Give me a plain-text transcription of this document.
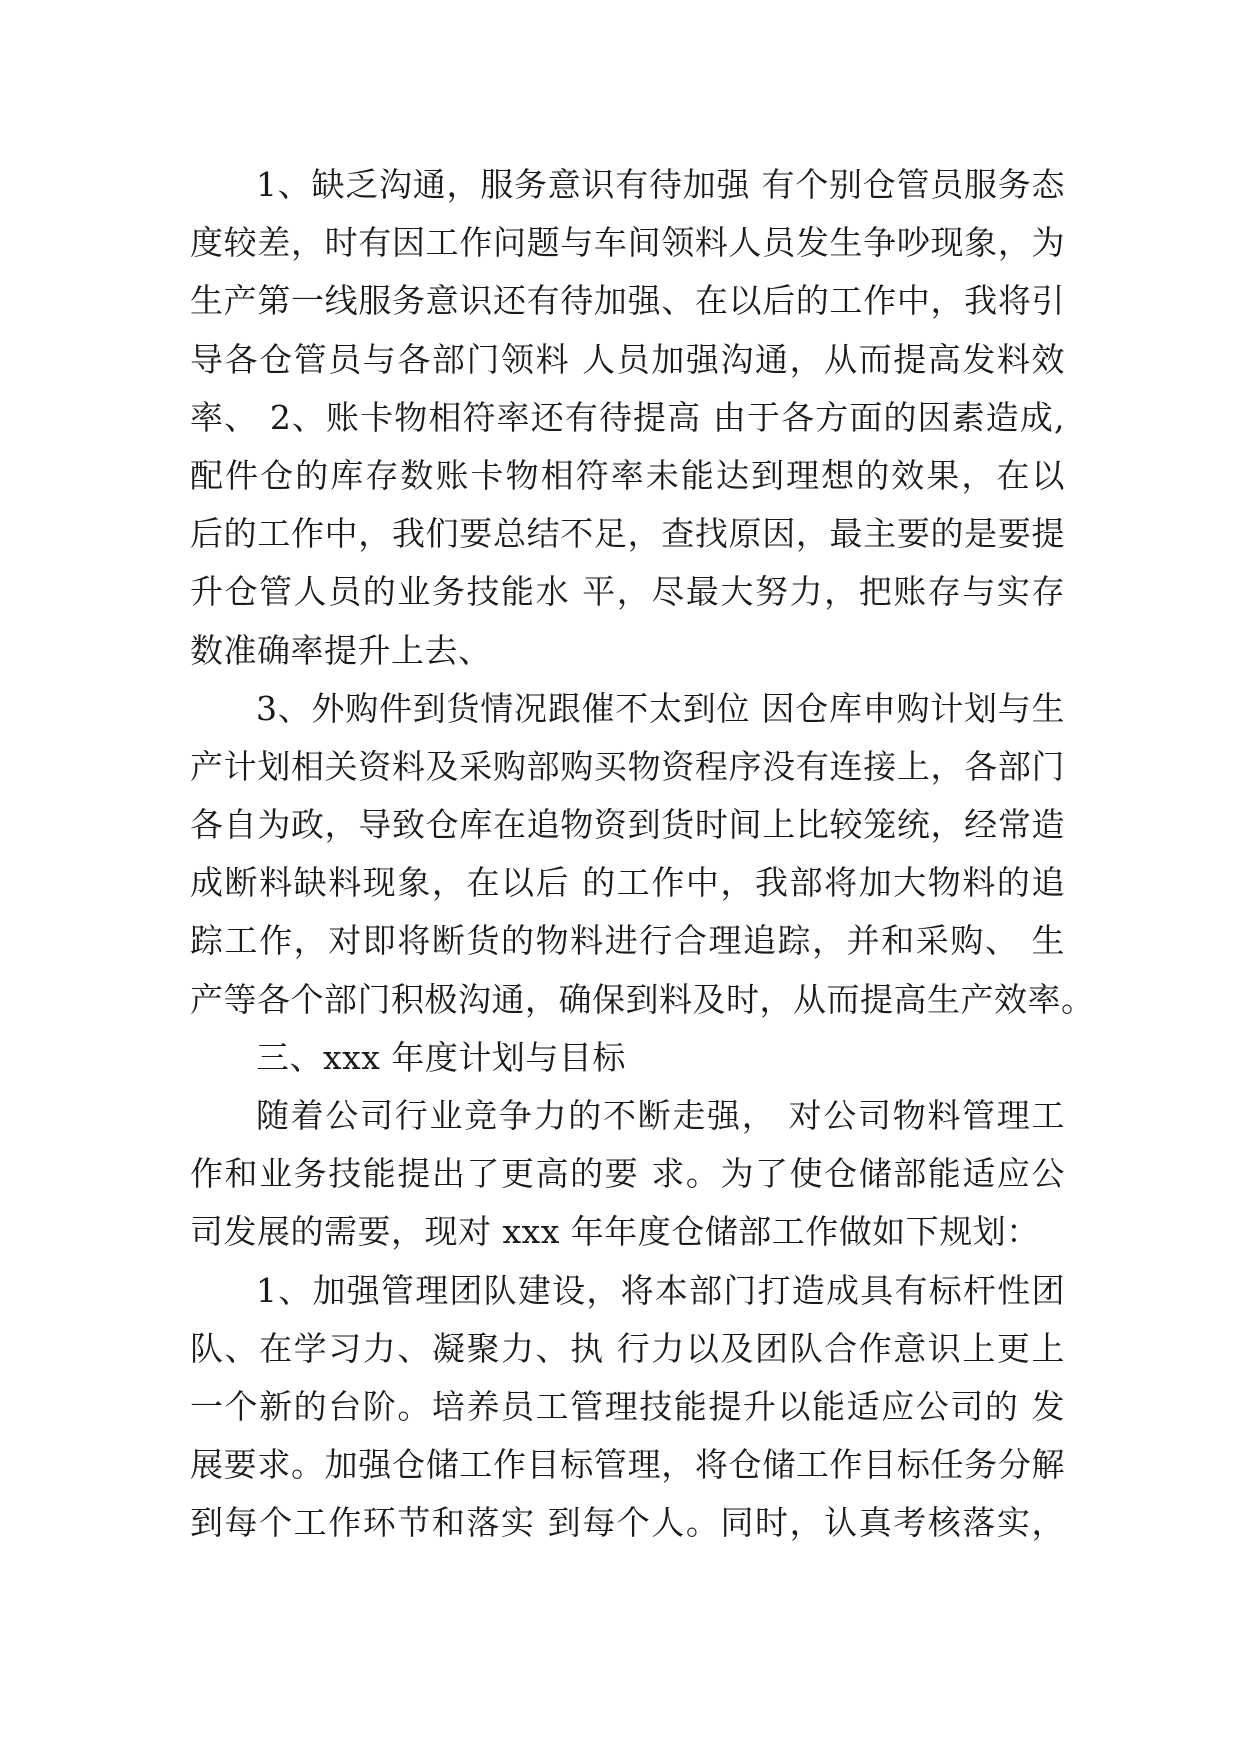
1、缺乏沟通，服务意识有待加强 有个别仓管员服务态
度较差，时有因工作问题与车间领料人员发生争吵现象，为
生产第一线服务意识还有待加强、在以后的工作中，我将引
导各仓管员与各部门领料 人员加强沟通，从而提高发料效
率、 2、账卡物相符率还有待提高 由于各方面的因素造成,
配件仓的库存数账卡物相符率未能达到理想的效果，在以
后的工作中，我们要总结不足，查找原因，最主要的是要提
升仓管人员的业务技能水 平，尽最大努力，把账存与实存
数准确率提升上去、
3、外购件到货情况跟催不太到位 因仓库申购计划与生
产计划相关资料及采购部购买物资程序没有连接上，各部门
各自为政，导致仓库在追物资到货时间上比较笼统，经常造
成断料缺料现象，在以后 的工作中，我部将加大物料的追
踪工作，对即将断货的物料进行合理追踪，并和采购、 生
产等各个部门积极沟通，确保到料及时，从而提高生产效率。
三、xxx 年度计划与目标
随着公司行业竞争力的不断走强， 对公司物料管理工
作和业务技能提出了更高的要 求。为了使仓储部能适应公
司发展的需要，现对 xxx 年年度仓储部工作做如下规划：
1、加强管理团队建设，将本部门打造成具有标杆性团
队、在学习力、凝聚力、执 行力以及团队合作意识上更上
一个新的台阶。培养员工管理技能提升以能适应公司的 发
展要求。加强仓储工作目标管理，将仓储工作目标任务分解
到每个工作环节和落实 到每个人。同时，认真考核落实，
